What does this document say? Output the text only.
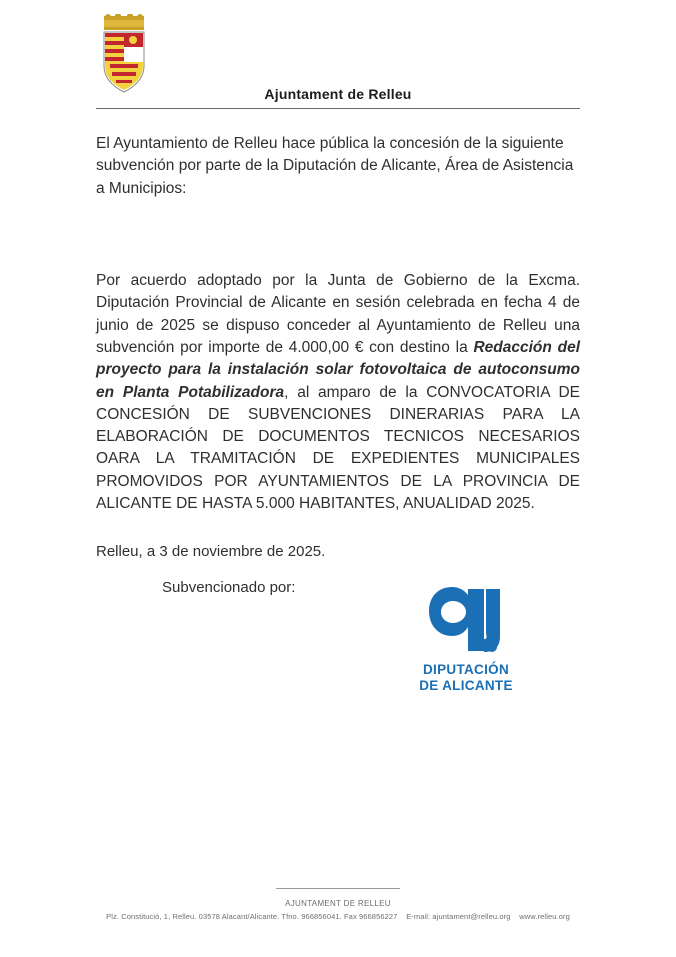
Ajuntament de Relleu

El Ayuntamiento de Relleu hace pública la concesión de la siguiente subvención por parte de la Diputación de Alicante, Área de Asistencia a Municipios:

Por acuerdo adoptado por la Junta de Gobierno de la Excma. Diputación Provincial de Alicante en sesión celebrada en fecha 4 de junio de 2025 se dispuso conceder al Ayuntamiento de Relleu una subvención por importe de 4.000,00 € con destino la Redacción del proyecto para la instalación solar fotovoltaica de autoconsumo en Planta Potabilizadora, al amparo de la CONVOCATORIA DE CONCESIÓN DE SUBVENCIONES DINERARIAS PARA LA ELABORACIÓN DE DOCUMENTOS TECNICOS NECESARIOS OARA LA TRAMITACIÓN DE EXPEDIENTES MUNICIPALES PROMOVIDOS POR AYUNTAMIENTOS DE LA PROVINCIA DE ALICANTE DE HASTA 5.000 HABITANTES, ANUALIDAD 2025.

Relleu, a 3 de noviembre de 2025.

Subvencionado por:

DIPUTACIÓN
DE ALICANTE
AJUNTAMENT DE RELLEU
Plz. Constitució, 1, Relleu. 03578 Alacant/Alicante. Tfno. 966856041. Fax 966856227 E-mail: ajuntament@relleu.org www.relleu.org
